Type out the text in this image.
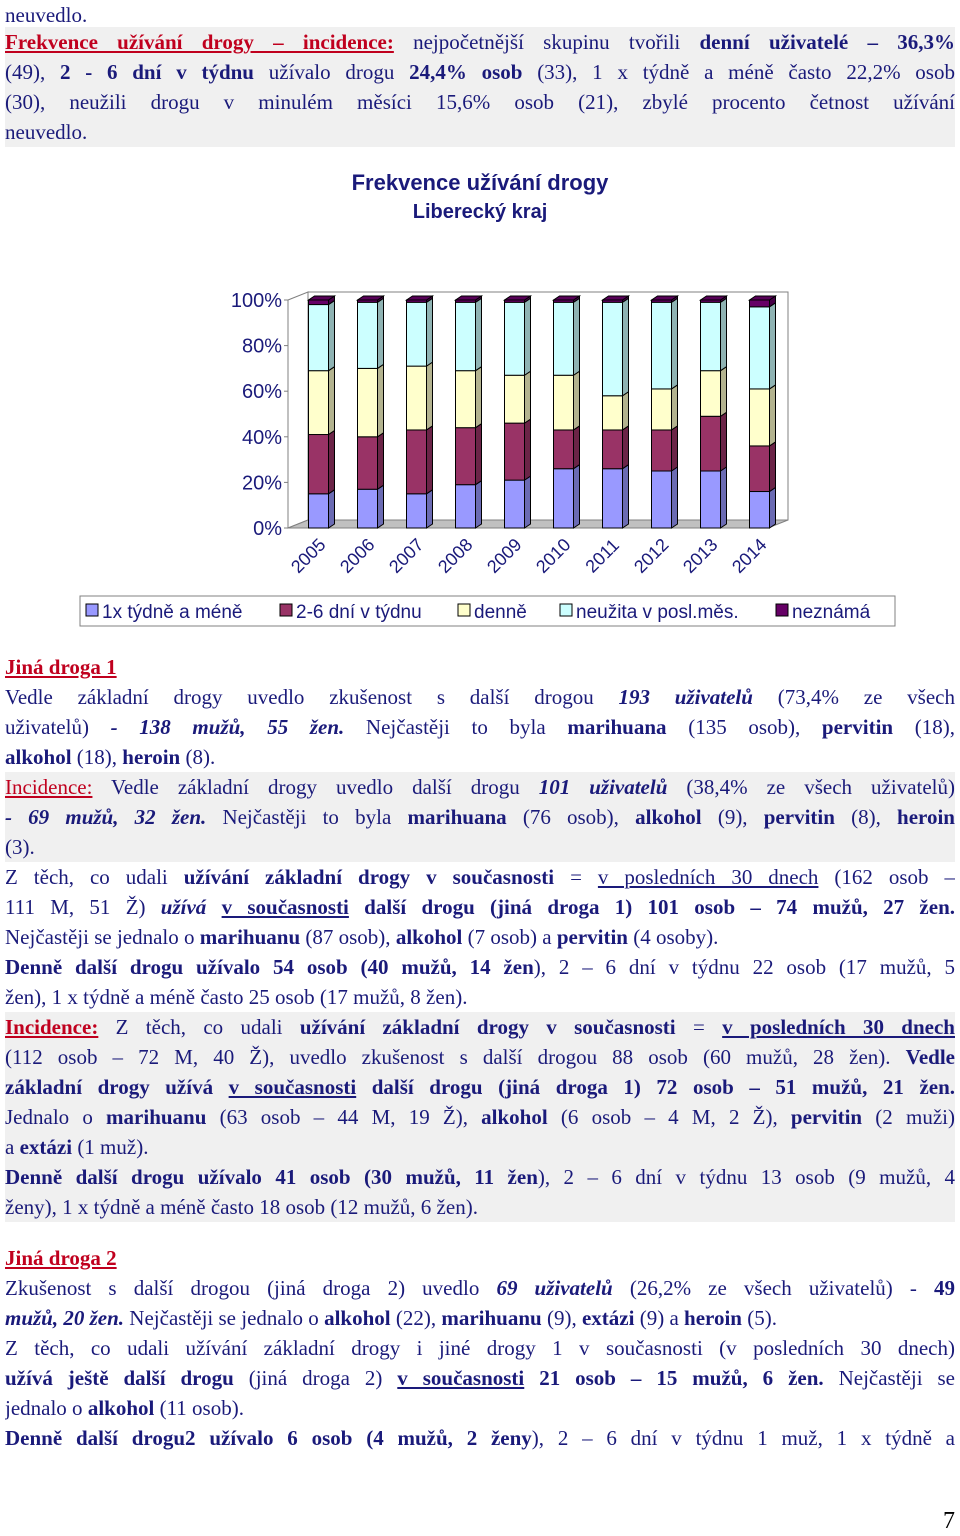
neuvedlo.
Frekvence užívání drogy – incidence: nejpočetnější skupinu tvořili denní uživatelé – 36,3%
(49), 2 - 6 dní v týdnu užívalo drogu 24,4% osob (33), 1 x týdně a méně často 22,2% osob
(30), neužili drogu v minulém měsíci 15,6% osob (21), zbylé procento četnost užívání
neuvedlo.
Frekvence užívání drogy
Liberecký kraj
100%
80%
60%
40%
20%
0%
2005 2006 2007 2008 2009 2010 2011 2012 2013 2014
1x týdně a méně	2-6 dní v týdnu	denně	neužita v posl.měs.	neznámá
Jiná droga 1
Vedle základní drogy uvedlo zkušenost s další drogou 193 uživatelů (73,4% ze všech
uživatelů) - 138 mužů, 55 žen. Nejčastěji to byla marihuana (135 osob), pervitin (18),
alkohol (18), heroin (8).
Incidence: Vedle základní drogy uvedlo další drogu 101 uživatelů (38,4% ze všech uživatelů)
- 69 mužů, 32 žen. Nejčastěji to byla marihuana (76 osob), alkohol (9), pervitin (8), heroin
(3).
Z těch, co udali užívání základní drogy v současnosti = v posledních 30 dnech (162 osob –
111 M, 51 Ž) užívá v současnosti další drogu (jiná droga 1) 101 osob – 74 mužů, 27 žen.
Nejčastěji se jednalo o marihuanu (87 osob), alkohol (7 osob) a pervitin (4 osoby).
Denně další drogu užívalo 54 osob (40 mužů, 14 žen), 2 – 6 dní v týdnu 22 osob (17 mužů, 5
žen), 1 x týdně a méně často 25 osob (17 mužů, 8 žen).
Incidence: Z těch, co udali užívání základní drogy v současnosti = v posledních 30 dnech
(112 osob – 72 M, 40 Ž), uvedlo zkušenost s další drogou 88 osob (60 mužů, 28 žen). Vedle
základní drogy užívá v současnosti další drogu (jiná droga 1) 72 osob – 51 mužů, 21 žen.
Jednalo o marihuanu (63 osob – 44 M, 19 Ž), alkohol (6 osob – 4 M, 2 Ž), pervitin (2 muži)
a extázi (1 muž).
Denně další drogu užívalo 41 osob (30 mužů, 11 žen), 2 – 6 dní v týdnu 13 osob (9 mužů, 4
ženy), 1 x týdně a méně často 18 osob (12 mužů, 6 žen).
Jiná droga 2
Zkušenost s další drogou (jiná droga 2) uvedlo 69 uživatelů (26,2% ze všech uživatelů) - 49
mužů, 20 žen. Nejčastěji se jednalo o alkohol (22), marihuanu (9), extázi (9) a heroin (5).
Z těch, co udali užívání základní drogy i jiné drogy 1 v současnosti (v posledních 30 dnech)
užívá ještě další drogu (jiná droga 2) v současnosti 21 osob – 15 mužů, 6 žen. Nejčastěji se
jednalo o alkohol (11 osob).
Denně další drogu2 užívalo 6 osob (4 mužů, 2 ženy), 2 – 6 dní v týdnu 1 muž, 1 x týdně a
7
